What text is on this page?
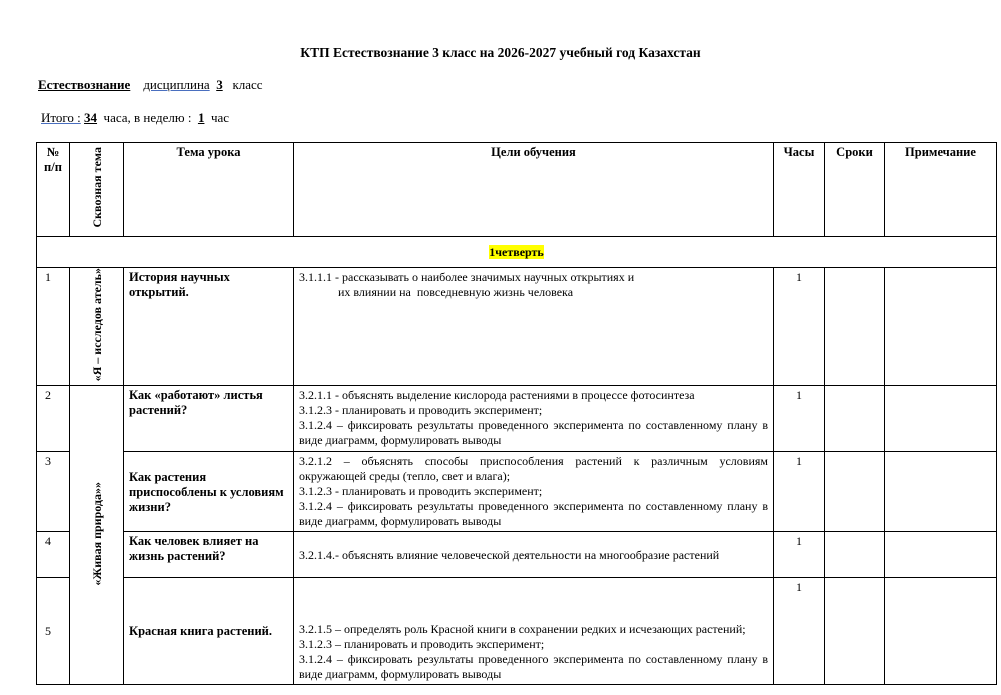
КТП Естествознание 3 класс на 2026-2027 учебный год Казахстан
Естествознание дисциплина 3 класс
Итого : 34 часа, в неделю : 1 час
№ п/п	Сквозная тема	Тема урока	Цели обучения	Часы	Сроки	Примечание
1четверть						
1	«Я – исследов атель»	История научных открытий.	3.1.1.1 - рассказывать о наиболее значимых научных открытиях и

их влиянии на  повседневную жизнь человека	1		
2	«Живая природа»»	Как «работают» листья растений?	3.2.1.1 - объяснять выделение кислорода растениями в процессе фотосинтеза

3.1.2.3 - планировать и проводить эксперимент;

3.1.2.4 – фиксировать результаты проведенного эксперимента по составленному плану в виде диаграмм, формулировать выводы	1		
3		Как растения приспособлены к условиям жизни?	3.2.1.2 – объяснять способы приспособления растений к различным условиям окружающей среды (тепло, свет и влага);

3.1.2.3 - планировать и проводить эксперимент;

3.1.2.4 – фиксировать результаты проведенного эксперимента по составленному плану в виде диаграмм, формулировать выводы	1		
4		Как человек влияет на жизнь растений?	3.2.1.4.- объяснять влияние человеческой деятельности на многообразие растений	1		
5		Красная книга растений.	3.2.1.5 – определять роль Красной книги в сохранении редких и исчезающих растений;

3.1.2.3 – планировать и проводить эксперимент;

3.1.2.4 – фиксировать результаты проведенного эксперимента по составленному плану в виде диаграмм, формулировать выводы	1		
